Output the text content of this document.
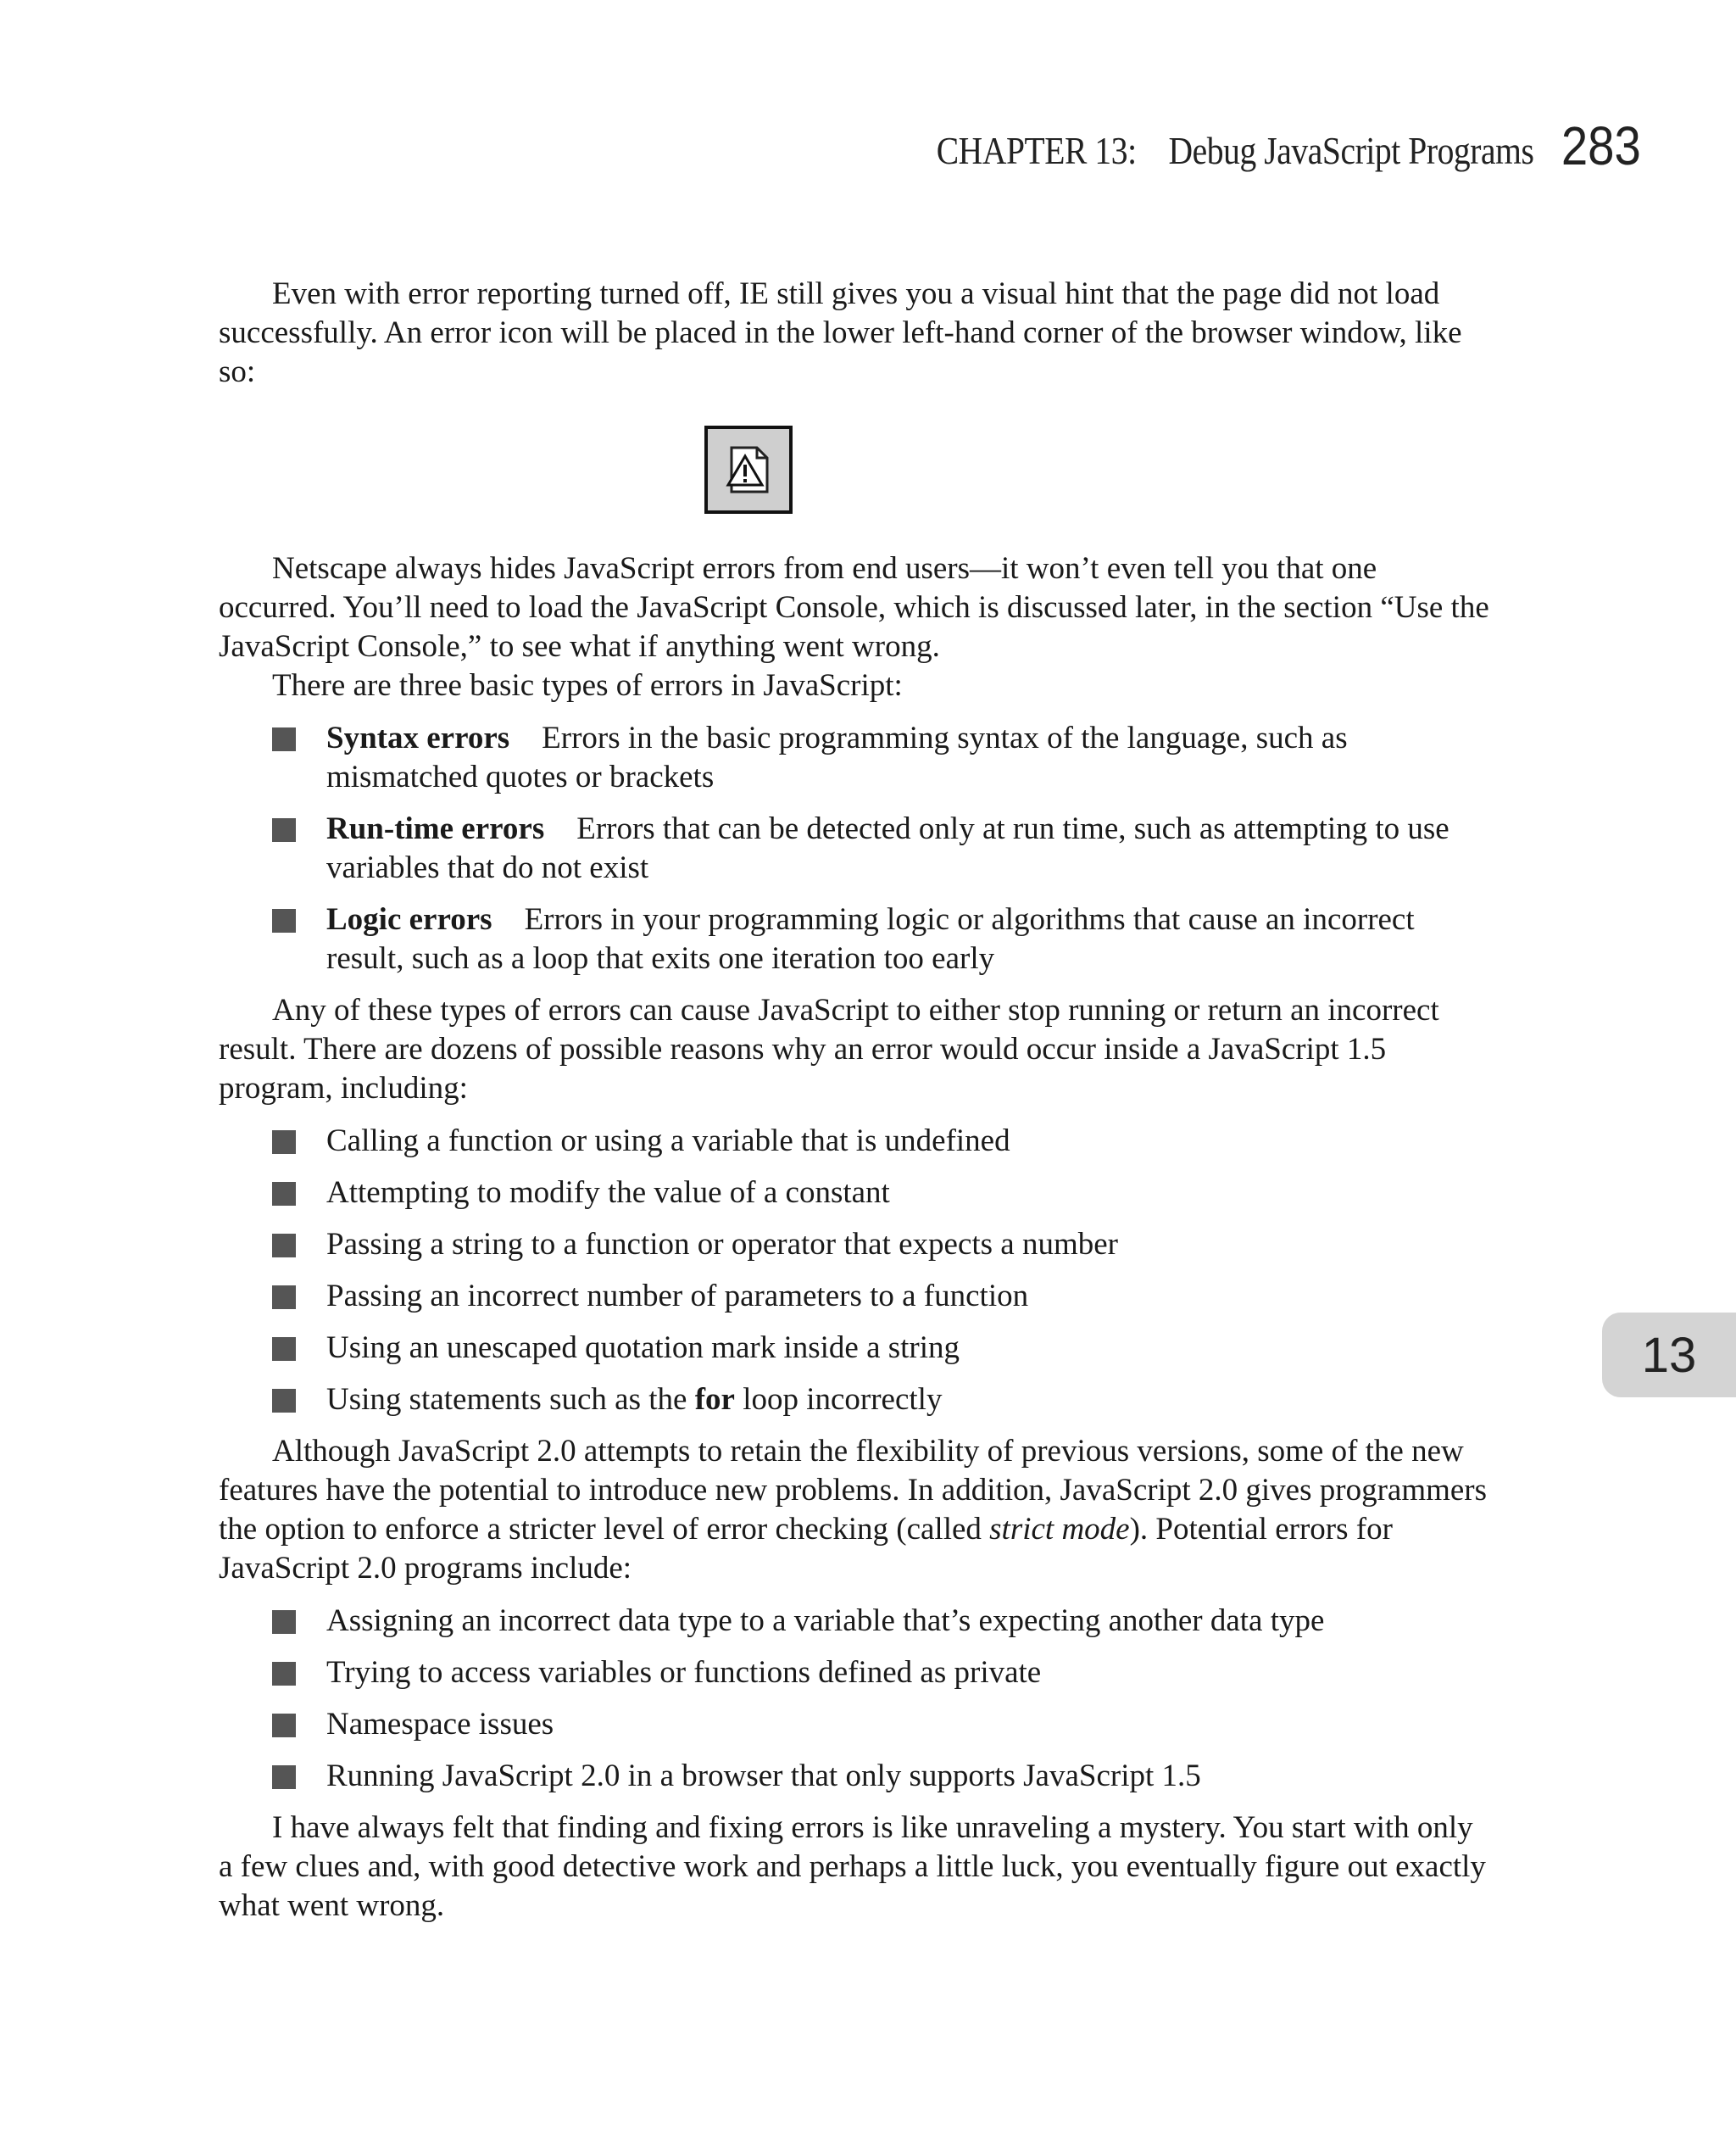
CHAPTER 13: Debug JavaScript Programs 283
13

Even with error reporting turned off, IE still gives you a visual hint that the page did not load successfully. An error icon will be placed in the lower left-hand corner of the browser window, like so:

Netscape always hides JavaScript errors from end users—it won’t even tell you that one occurred. You’ll need to load the JavaScript Console, which is discussed later, in the section “Use the JavaScript Console,” to see what if anything went wrong.

There are three basic types of errors in JavaScript:

Syntax errors Errors in the basic programming syntax of the language, such as mismatched quotes or brackets
Run-time errors Errors that can be detected only at run time, such as attempting to use variables that do not exist
Logic errors Errors in your programming logic or algorithms that cause an incorrect result, such as a loop that exits one iteration too early

Any of these types of errors can cause JavaScript to either stop running or return an incorrect result. There are dozens of possible reasons why an error would occur inside a JavaScript 1.5 program, including:

Calling a function or using a variable that is undefined
Attempting to modify the value of a constant
Passing a string to a function or operator that expects a number
Passing an incorrect number of parameters to a function
Using an unescaped quotation mark inside a string
Using statements such as the for loop incorrectly

Although JavaScript 2.0 attempts to retain the flexibility of previous versions, some of the new features have the potential to introduce new problems. In addition, JavaScript 2.0 gives programmers the option to enforce a stricter level of error checking (called strict mode). Potential errors for JavaScript 2.0 programs include:

Assigning an incorrect data type to a variable that’s expecting another data type
Trying to access variables or functions defined as private
Namespace issues
Running JavaScript 2.0 in a browser that only supports JavaScript 1.5

I have always felt that finding and fixing errors is like unraveling a mystery. You start with only a few clues and, with good detective work and perhaps a little luck, you eventually figure out exactly what went wrong.
